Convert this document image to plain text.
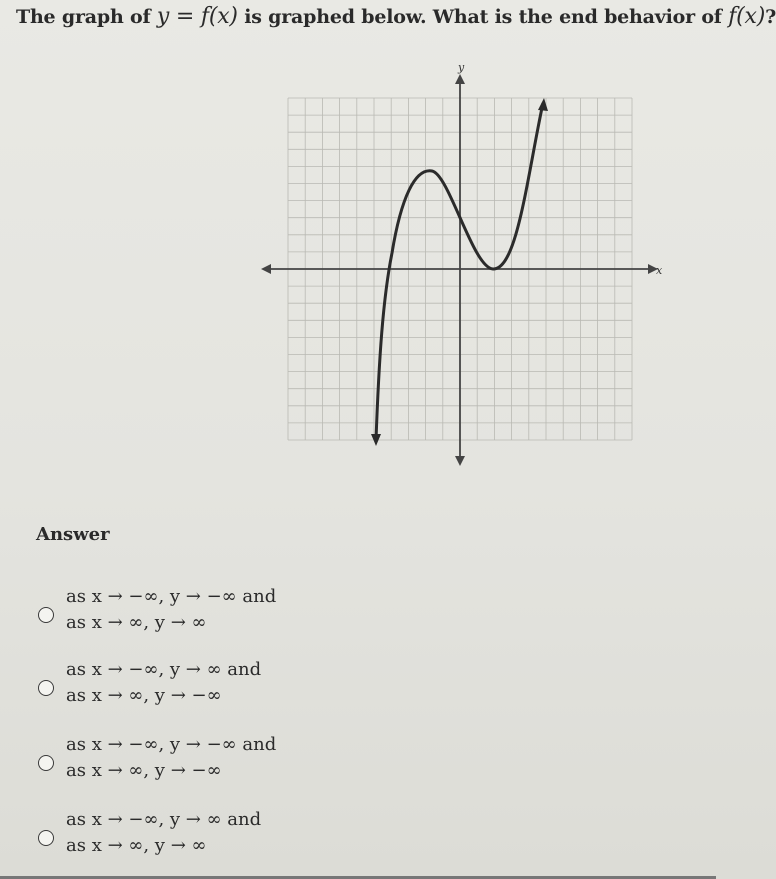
The graph of y = f(x) is graphed below. What is the end behavior of f(x)?
x
y
Answer
as x → −∞, y → −∞ and
as x → ∞, y → ∞
as x → −∞, y → ∞ and
as x → ∞, y → −∞
as x → −∞, y → −∞ and
as x → ∞, y → −∞
as x → −∞, y → ∞ and
as x → ∞, y → ∞
